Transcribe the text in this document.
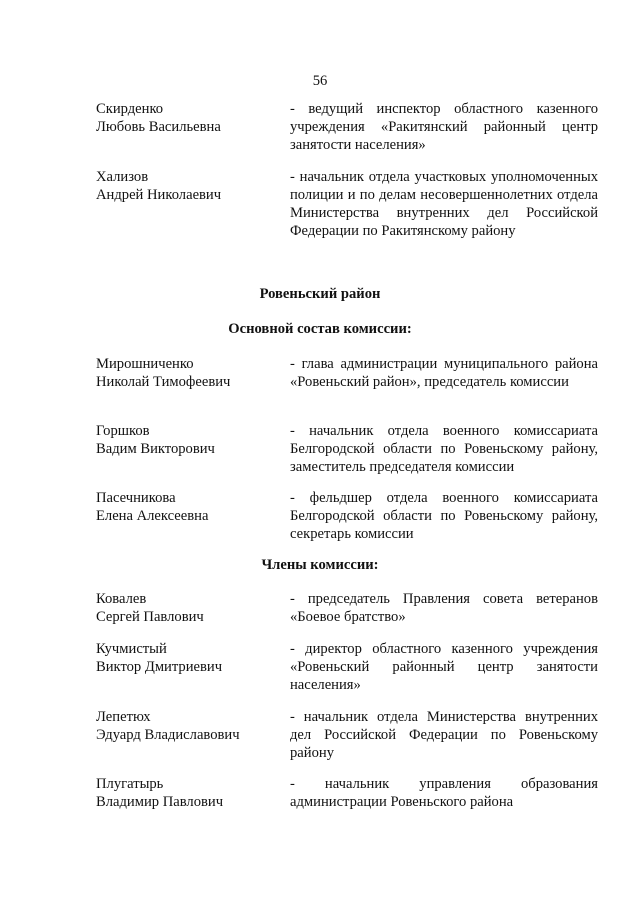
56
Скирденко
Любовь Васильевна
- ведущий инспектор областного казенного учреждения «Ракитянский районный центр занятости населения»
Хализов
Андрей Николаевич
- начальник отдела участковых уполномоченных полиции и по делам несовершеннолетних отдела Министерства внутренних дел Российской Федерации по Ракитянскому району
Ровеньский район
Основной состав комиссии:
Мирошниченко
Николай Тимофеевич
- глава администрации муниципального района «Ровеньский район», председатель комиссии
Горшков
Вадим Викторович
- начальник отдела военного комиссариата Белгородской области по Ровеньскому району, заместитель председателя комиссии
Пасечникова
Елена Алексеевна
- фельдшер отдела военного комиссариата Белгородской области по Ровеньскому району, секретарь комиссии
Члены комиссии:
Ковалев
Сергей Павлович
- председатель Правления совета ветеранов «Боевое братство»
Кучмистый
Виктор Дмитриевич
- директор областного казенного учреждения «Ровеньский районный центр занятости населения»
Лепетюх
Эдуард Владиславович
- начальник отдела Министерства внутренних дел Российской Федерации по Ровеньскому району
Плугатырь
Владимир Павлович
- начальник управления образования администрации Ровеньского района
